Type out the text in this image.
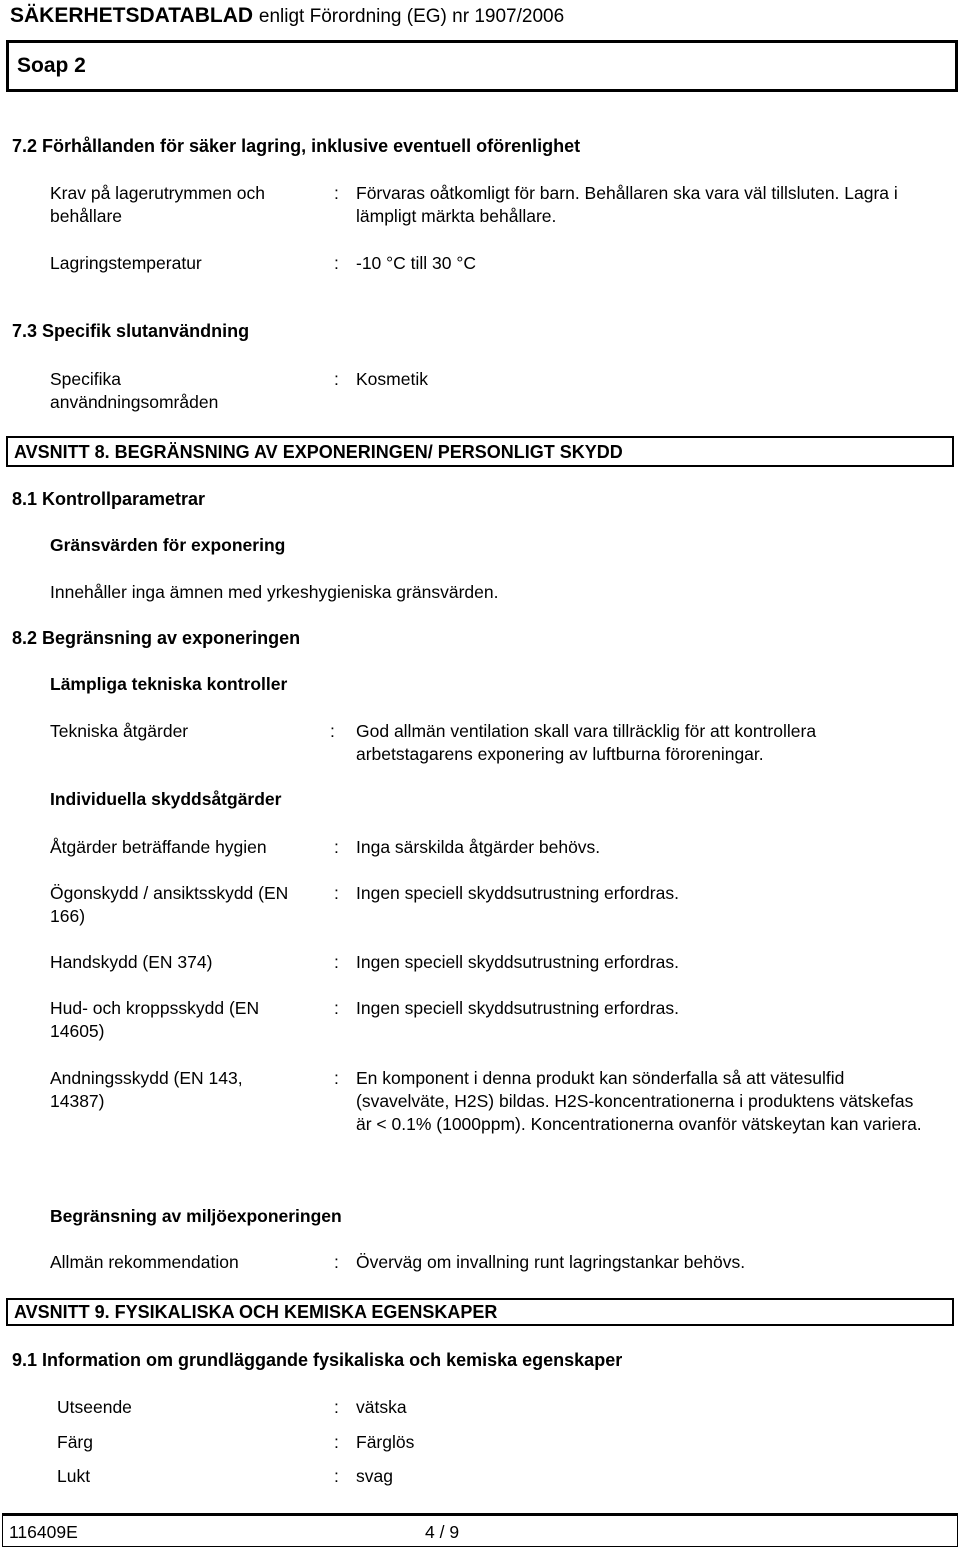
SÄKERHETSDATABLAD enligt Förordning (EG) nr 1907/2006
Soap 2
7.2 Förhållanden för säker lagring, inklusive eventuell oförenlighet
Krav på lagerutrymmen och behållare
: Förvaras oåtkomligt för barn. Behållaren ska vara väl tillsluten. Lagra i lämpligt märkta behållare.
Lagringstemperatur	: -10 °C till 30 °C
7.3 Specifik slutanvändning
Specifika användningsområden
: Kosmetik
AVSNITT 8. BEGRÄNSNING AV EXPONERINGEN/ PERSONLIGT SKYDD
8.1 Kontrollparametrar
Gränsvärden för exponering
Innehåller inga ämnen med yrkeshygieniska gränsvärden.
8.2 Begränsning av exponeringen
Lämpliga tekniska kontroller
Tekniska åtgärder	: God allmän ventilation skall vara tillräcklig för att kontrollera arbetstagarens exponering av luftburna föroreningar.
Individuella skyddsåtgärder
Åtgärder beträffande hygien	: Inga särskilda åtgärder behövs.
Ögonskydd / ansiktsskydd (EN 166)
: Ingen speciell skyddsutrustning erfordras.
Handskydd (EN 374)	: Ingen speciell skyddsutrustning erfordras.
Hud- och kroppsskydd (EN 14605)
: Ingen speciell skyddsutrustning erfordras.
Andningsskydd (EN 143, 14387)
: En komponent i denna produkt kan sönderfalla så att vätesulfid (svavelväte, H2S) bildas. H2S-koncentrationerna i produktens vätskefas är < 0.1% (1000ppm). Koncentrationerna ovanför vätskeytan kan variera.
Begränsning av miljöexponeringen
Allmän rekommendation	: Överväg om invallning runt lagringstankar behövs.
AVSNITT 9. FYSIKALISKA OCH KEMISKA EGENSKAPER
9.1 Information om grundläggande fysikaliska och kemiska egenskaper
Utseende	: vätska
Färg	: Färglös
Lukt	: svag
116409E	4 / 9
